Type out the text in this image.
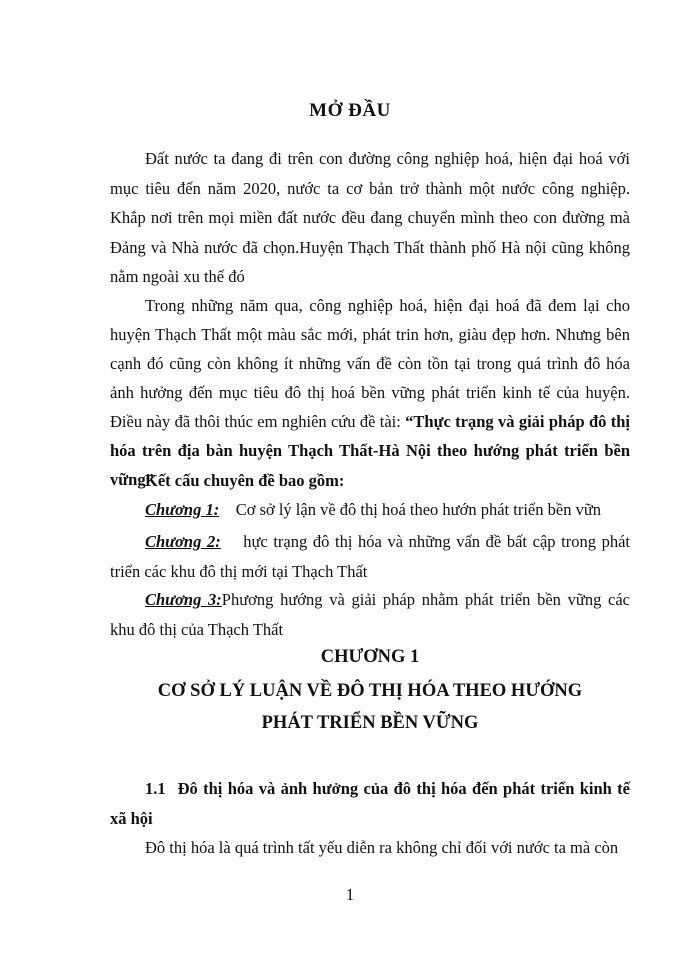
MỞ ĐẦU

Đất nước ta đang đi trên con đường công nghiệp hoá, hiện đại hoá với mục tiêu đến năm 2020, nước ta cơ bản trở thành một nước công nghiệp. Khắp nơi trên mọi miền đất nước đều đang chuyển mình theo con đường mà Đảng và Nhà nước đã chọn.Huyện Thạch Thất thành phố Hà nội cũng không nằm ngoài xu thế đó

Trong những năm qua, công nghiệp hoá, hiện đại hoá đã đem lại cho huyện Thạch Thất một màu sắc mới, phát trin hơn, giàu đẹp hơn. Nhưng bên cạnh đó cũng còn không ít những vấn đề còn tồn tại trong quá trình đô hóa ảnh hưởng đến mục tiêu đô thị hoá bền vững phát triển kinh tế của huyện. Điều này đã thôi thúc em nghiên cứu đề tài: “Thực trạng và giải pháp đô thị hóa trên địa bàn huyện Thạch Thất-Hà Nội theo hướng phát triển bền vững”

Kết cấu chuyên đề bao gồm:

Chương 1: Cơ sở lý lận về đô thị hoá theo hướn phát triển bền vữn

Chương 2: hực trạng đô thị hóa và những vấn đề bất cập trong phát triển các khu đô thị mới tại Thạch Thất

Chương 3:Phương hướng và giải pháp nhằm phát triển bền vững các khu đô thị của Thạch Thất

CHƯƠNG 1
CƠ SỞ LÝ LUẬN VỀ ĐÔ THỊ HÓA THEO HƯỚNG
PHÁT TRIỂN BỀN VỮNG

1.1 Đô thị hóa và ảnh hưởng của đô thị hóa đến phát triển kinh tế xã hội

Đô thị hóa là quá trình tất yếu diễn ra không chỉ đối với nước ta mà còn

1
